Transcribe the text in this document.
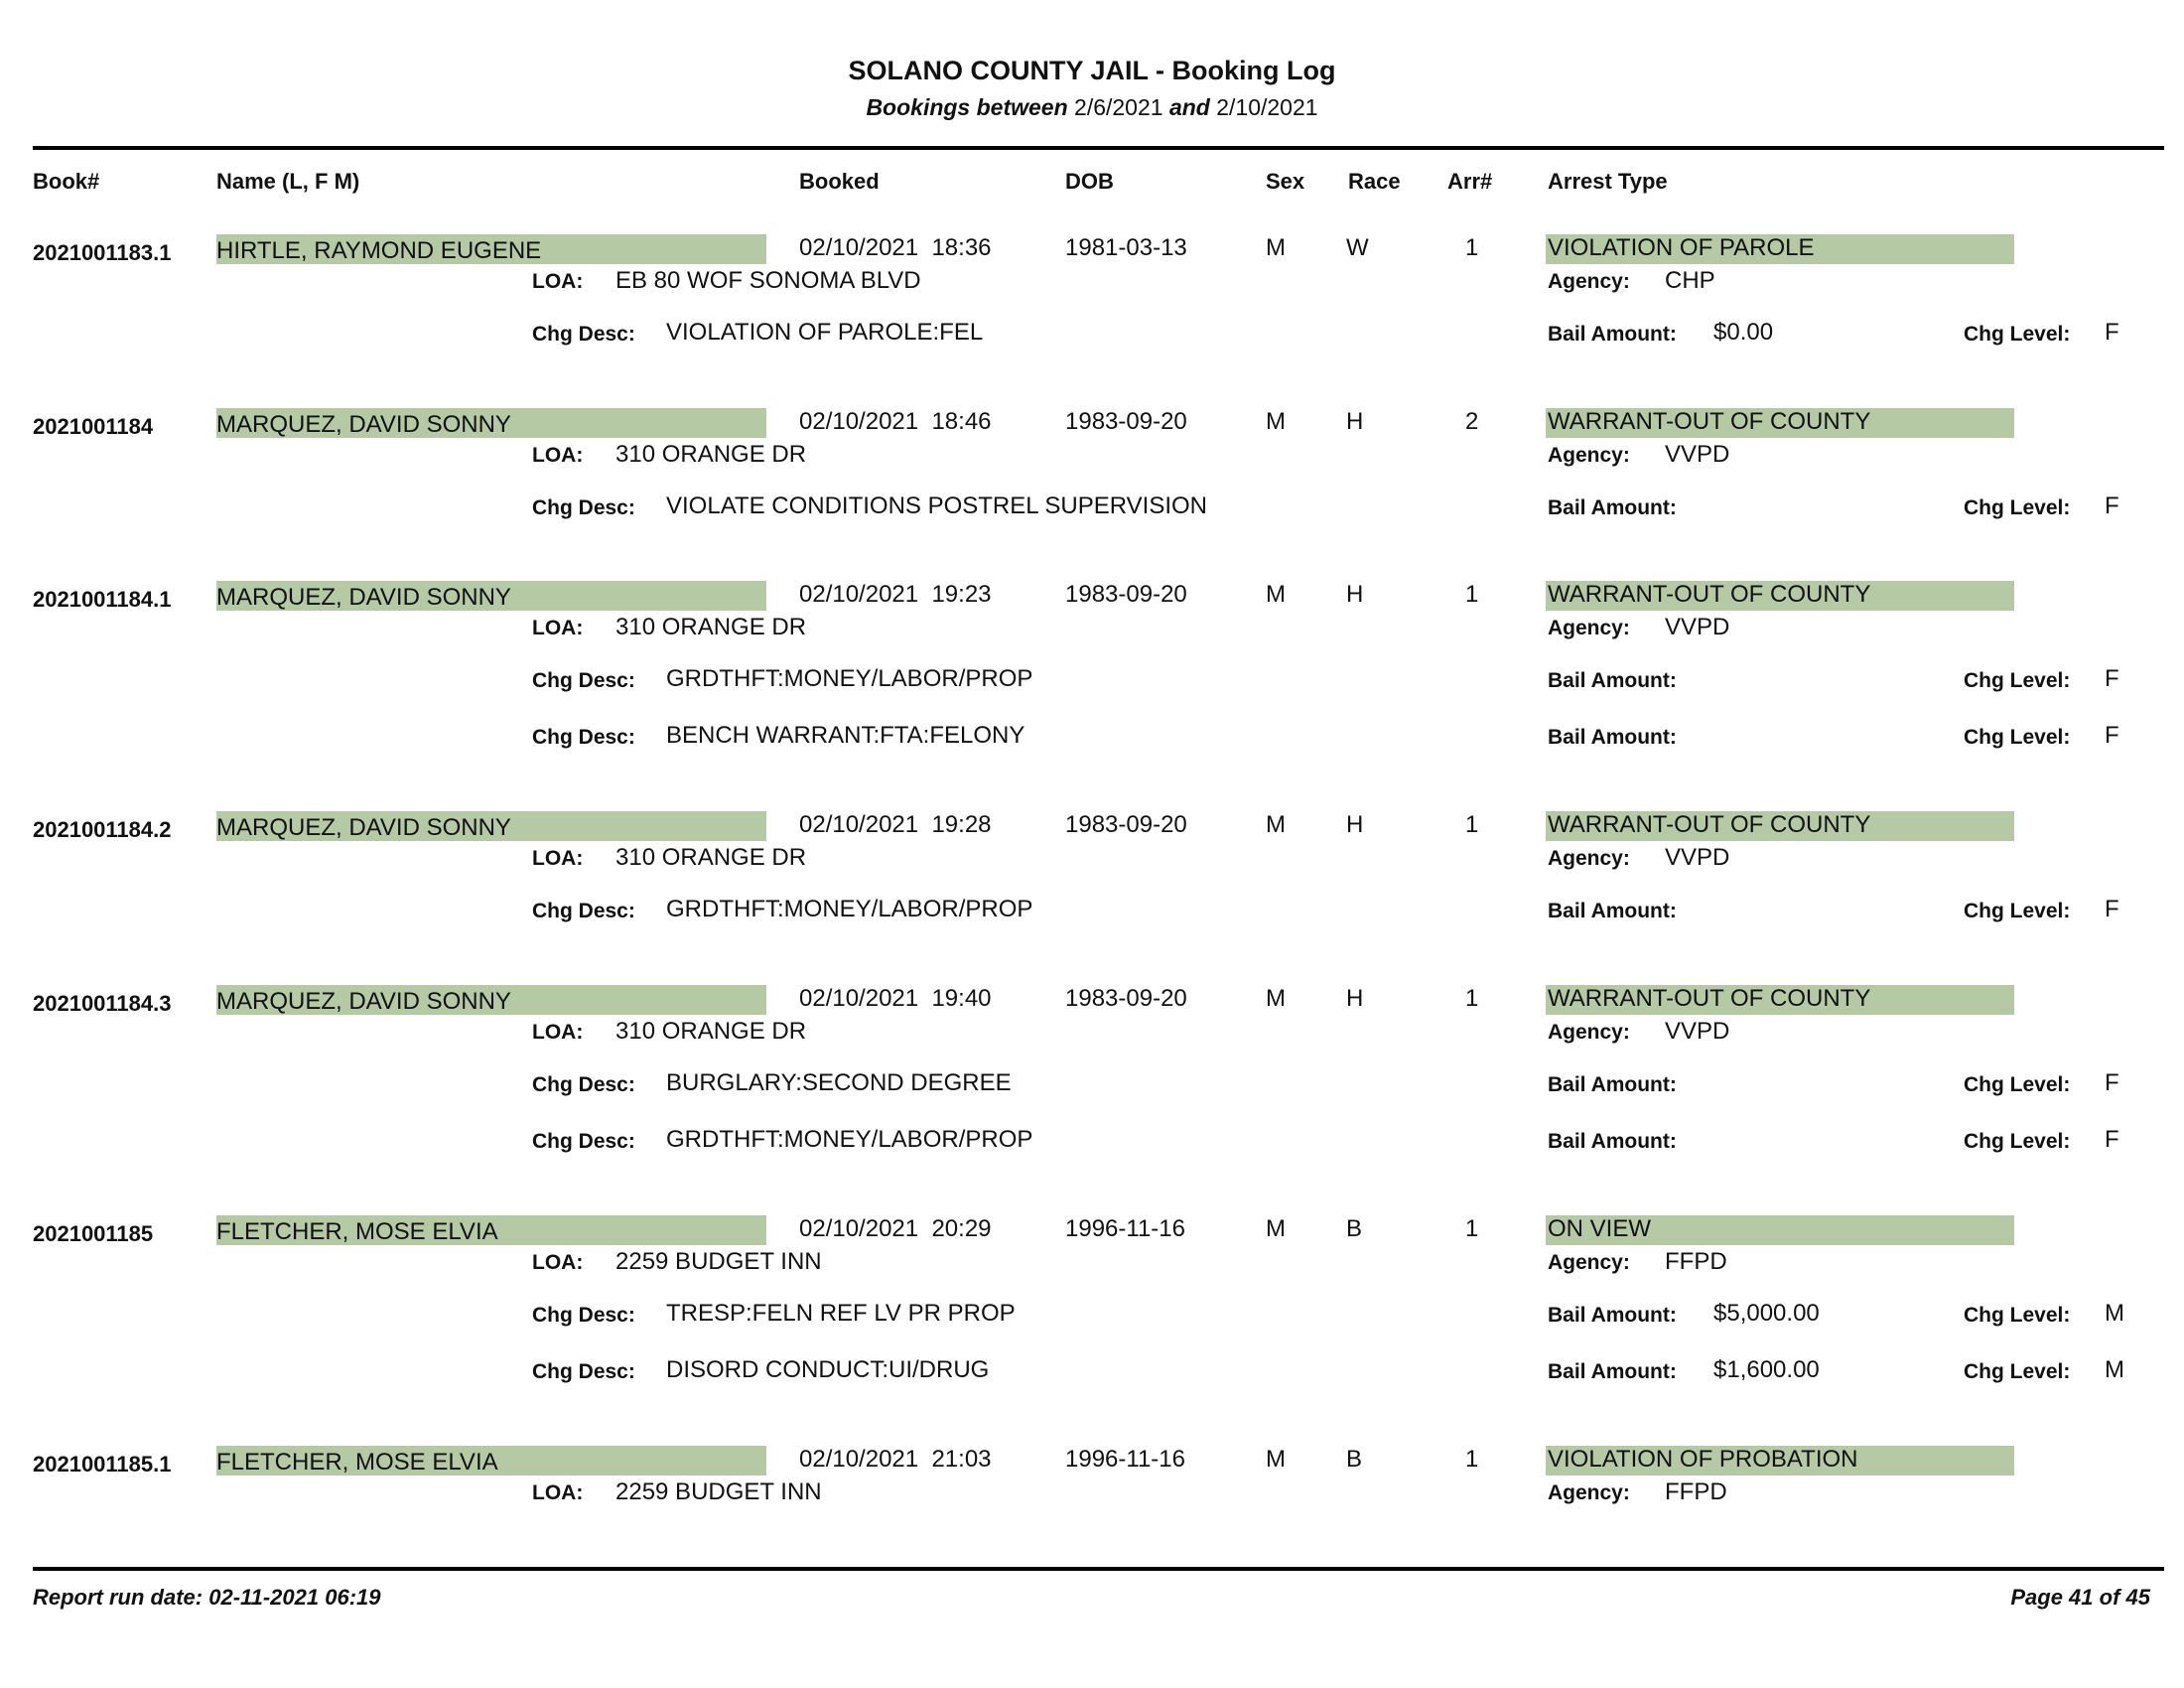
SOLANO COUNTY JAIL - Booking Log
Bookings between 2/6/2021 and 2/10/2021
Book#	Name (L, F M)	Booked	DOB	Sex Race Arr#	Arrest Type
2021001183.1 HIRTLE, RAYMOND EUGENE	02/10/2021  18:36	1981-03-13	M	W	1	VIOLATION OF PAROLE
LOA: EB 80 WOF SONOMA BLVD	Agency: CHP
Chg Desc: VIOLATION OF PAROLE:FEL	Bail Amount: $0.00	Chg Level: F
2021001184	MARQUEZ, DAVID SONNY	02/10/2021  18:46	1983-09-20	M	H	2	WARRANT-OUT OF COUNTY
LOA: 310 ORANGE DR	Agency: VVPD
Chg Desc: VIOLATE CONDITIONS POSTREL SUPERVISION	Bail Amount:	Chg Level: F
2021001184.1 MARQUEZ, DAVID SONNY	02/10/2021  19:23	1983-09-20	M	H	1	WARRANT-OUT OF COUNTY
LOA: 310 ORANGE DR	Agency: VVPD
Chg Desc: GRDTHFT:MONEY/LABOR/PROP	Bail Amount:	Chg Level: F
Chg Desc: BENCH WARRANT:FTA:FELONY	Bail Amount:	Chg Level: F
2021001184.2 MARQUEZ, DAVID SONNY	02/10/2021  19:28	1983-09-20	M	H	1	WARRANT-OUT OF COUNTY
LOA: 310 ORANGE DR	Agency: VVPD
Chg Desc: GRDTHFT:MONEY/LABOR/PROP	Bail Amount:	Chg Level: F
2021001184.3 MARQUEZ, DAVID SONNY	02/10/2021  19:40	1983-09-20	M	H	1	WARRANT-OUT OF COUNTY
LOA: 310 ORANGE DR	Agency: VVPD
Chg Desc: BURGLARY:SECOND DEGREE	Bail Amount:	Chg Level: F
Chg Desc: GRDTHFT:MONEY/LABOR/PROP	Bail Amount:	Chg Level: F
2021001185	FLETCHER, MOSE ELVIA	02/10/2021  20:29	1996-11-16	M	B	1	ON VIEW
LOA: 2259 BUDGET INN	Agency: FFPD
Chg Desc: TRESP:FELN REF LV PR PROP	Bail Amount: $5,000.00	Chg Level: M
Chg Desc: DISORD CONDUCT:UI/DRUG	Bail Amount: $1,600.00	Chg Level: M
2021001185.1 FLETCHER, MOSE ELVIA	02/10/2021  21:03	1996-11-16	M	B	1	VIOLATION OF PROBATION
LOA: 2259 BUDGET INN	Agency: FFPD
Report run date: 02-11-2021 06:19	Page 41 of 45
